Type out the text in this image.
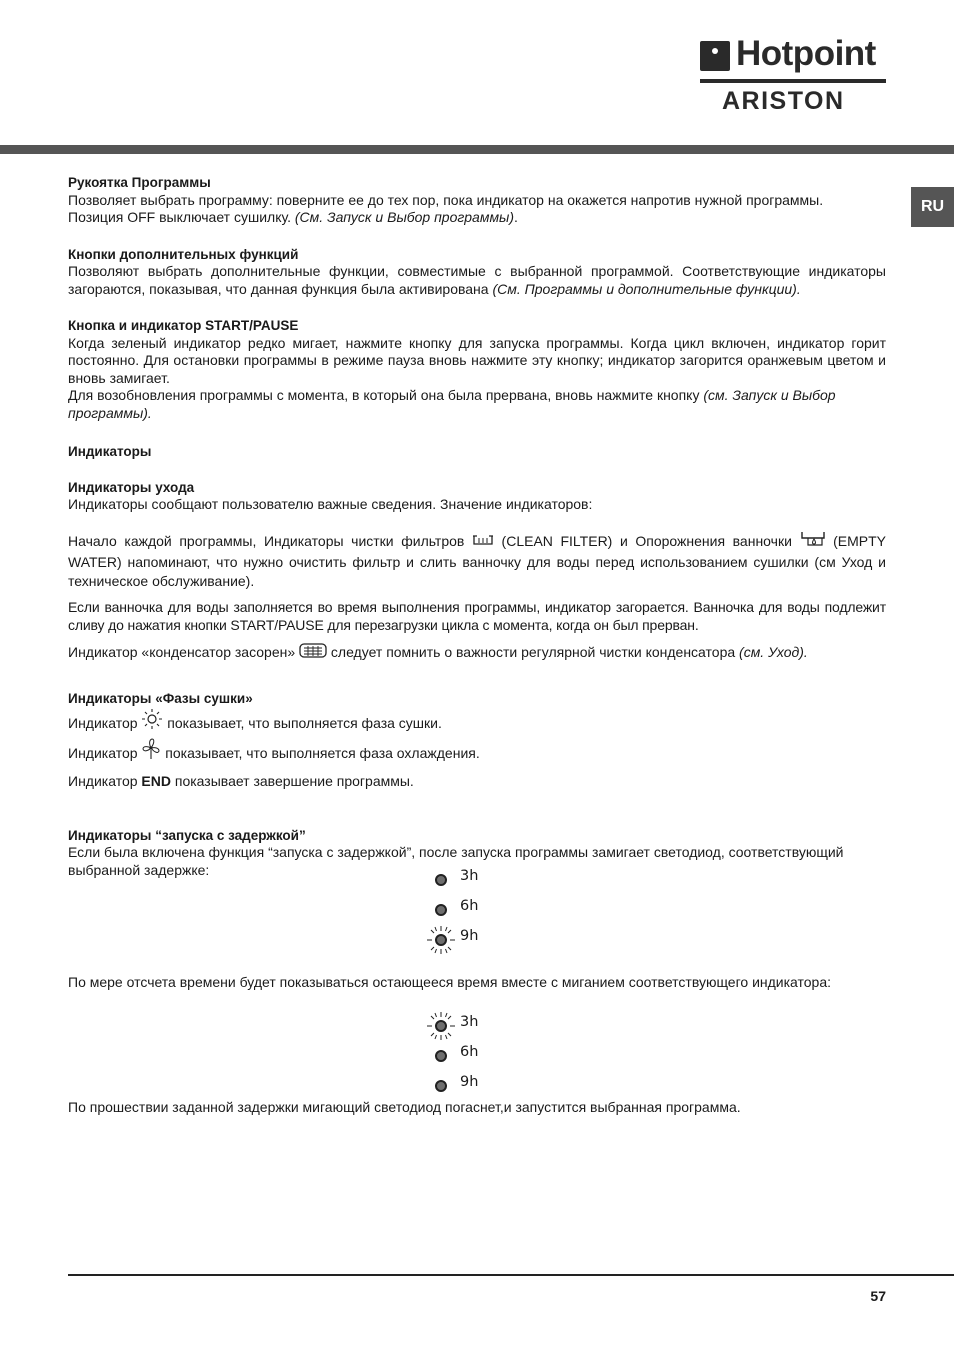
Hotpoint
ARISTON
RU

Рукоятка Программы

Позволяет выбрать программу: поверните ее до тех пор, пока индикатор на окажется напротив нужной программы.
Позиция OFF выключает сушилку. (См. Запуск и Выбор программы).

Кнопки дополнительных функций

Позволяют выбрать дополнительные функции, совместимые с выбранной программой. Соответствующие индикаторы загораются, показывая, что данная функция была активирована (См. Программы и дополнительные функции).

Кнопка и индикатор START/PAUSE

Когда зеленый индикатор редко мигает, нажмите кнопку для запуска программы. Когда цикл включен, индикатор горит постоянно. Для остановки программы в режиме пауза вновь нажмите эту кнопку; индикатор загорится оранжевым цветом и вновь замигает.

Для возобновления программы с момента, в который она была прервана, вновь нажмите кнопку (см. Запуск и Выбор программы).

Индикаторы

Индикаторы ухода

Индикаторы сообщают пользователю важные сведения. Значение индикаторов:

Начало каждой программы, Индикаторы чистки фильтров  (CLEAN FILTER) и Опорожнения ванночки  (EMPTY WATER) напоминают, что нужно очистить фильтр и слить ванночку для воды перед использованием сушилки (см Уход и техническое обслуживание).

Если ванночка для воды заполняется во время выполнения программы, индикатор загорается. Ванночка для воды подлежит сливу до нажатия кнопки START/PAUSE для перезагрузки цикла с момента, когда он был прерван.

Индикатор «конденсатор засорен»  следует помнить о важности регулярной чистки конденсатора (см. Уход).

Индикаторы «Фазы сушки»

Индикатор  показывает, что выполняется фаза сушки.

Индикатор  показывает, что выполняется фаза охлаждения.

Индикатор END показывает завершение программы.

Индикаторы “запуска с задержкой”

Если была включена функция “запуска с задержкой”, после запуска программы замигает светодиод, соответствующий выбранной задержке:	3h
6h
9h

По мере отсчета времени будет показываться остающееся время вместе с миганием соответствующего индикатора:

3h
6h
9h

По прошествии заданной задержки мигающий светодиод погаснет,и запустится выбранная программа.

57
